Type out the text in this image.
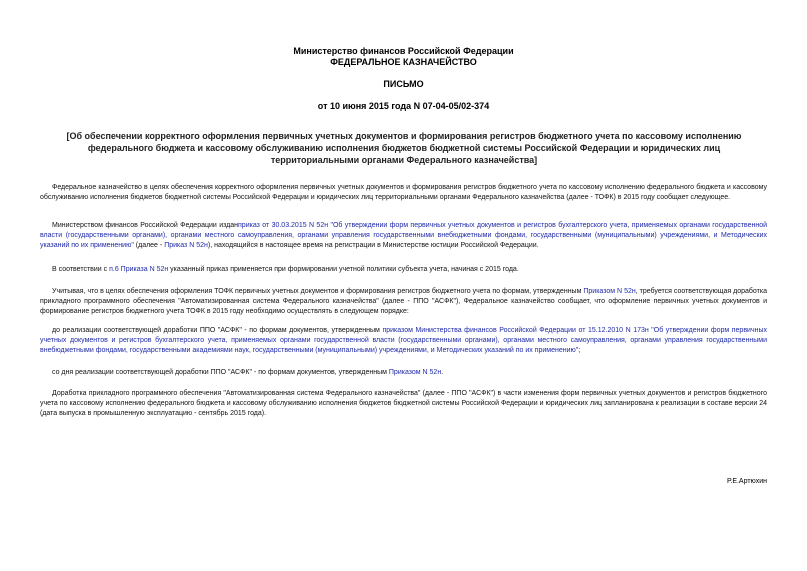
Министерство финансов Российской Федерации

ФЕДЕРАЛЬНОЕ КАЗНАЧЕЙСТВО

ПИСЬМО

от 10 июня 2015 года N 07-04-05/02-374

[Об обеспечении корректного оформления первичных учетных документов и формирования регистров бюджетного учета по кассовому исполнению федерального бюджета и кассовому обслуживанию исполнения бюджетов бюджетной системы Российской Федерации и юридических лиц территориальными органами Федерального казначейства]

Федеральное казначейство в целях обеспечения корректного оформления первичных учетных документов и формирования регистров бюджетного учета по кассовому исполнению федерального бюджета и кассовому обслуживанию исполнения бюджетов бюджетной системы Российской Федерации и юридических лиц территориальными органами Федерального казначейства (далее - ТОФК) в 2015 году сообщает следующее.

Министерством финансов Российской Федерации изданприказ от 30.03.2015 N 52н "Об утверждении форм первичных учетных документов и регистров бухгалтерского учета, применяемых органами государственной власти (государственными органами), органами местного самоуправления, органами управления государственными внебюджетными фондами, государственными (муниципальными) учреждениями, и Методических указаний по их применению" (далее - Приказ N 52н), находящийся в настоящее время на регистрации в Министерстве юстиции Российской Федерации.

В соответствии с п.6 Приказа N 52н указанный приказ применяется при формировании учетной политики субъекта учета, начиная с 2015 года.

Учитывая, что в целях обеспечения оформления ТОФК первичных учетных документов и формирования регистров бюджетного учета по формам, утвержденным Приказом N 52н, требуется соответствующая доработка прикладного программного обеспечения "Автоматизированная система Федерального казначейства" (далее - ППО "АСФК"), Федеральное казначейство сообщает, что оформление первичных учетных документов и формирование регистров бюджетного учета ТОФК в 2015 году необходимо осуществлять в следующем порядке:

до реализации соответствующей доработки ППО "АСФК" - по формам документов, утвержденным приказом Министерства финансов Российской Федерации от 15.12.2010 N 173н "Об утверждении форм первичных учетных документов и регистров бухгалтерского учета, применяемых органами государственной власти (государственными органами), органами местного самоуправления, органами управления государственными внебюджетными фондами, государственными академиями наук, государственными (муниципальными) учреждениями, и Методических указаний по их применению";

со дня реализации соответствующей доработки ППО "АСФК" - по формам документов, утвержденным Приказом N 52н.

Доработка прикладного программного обеспечения "Автоматизированная система Федерального казначейства" (далее - ППО "АСФК") в части изменения форм первичных учетных документов и регистров бюджетного учета по кассовому исполнению федерального бюджета и кассовому обслуживанию исполнения бюджетов бюджетной системы Российской Федерации и юридических лиц запланирована к реализации в составе версии 24 (дата выпуска в промышленную эксплуатацию - сентябрь 2015 года).

Р.Е.Артюхин
